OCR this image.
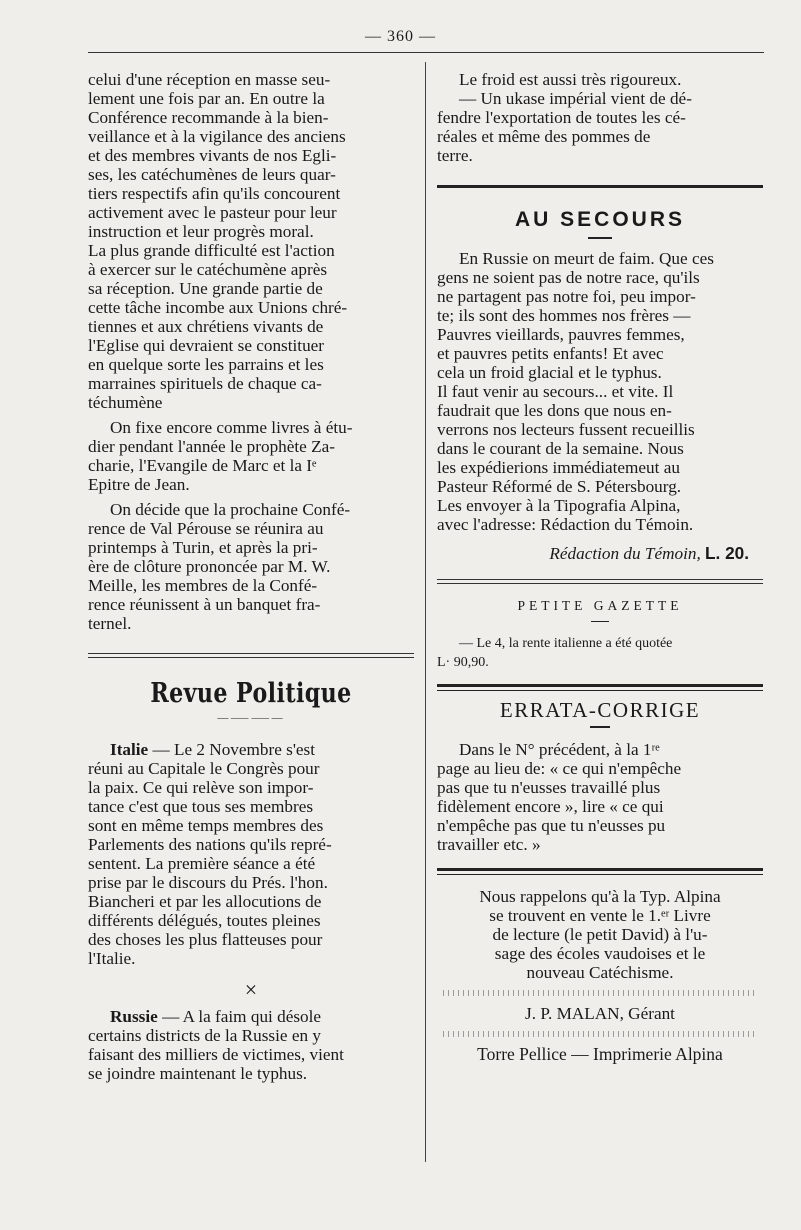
— 360 —
celui d'une réception en masse seu-
lement une fois par an. En outre la
Conférence recommande à la bien-
veillance et à la vigilance des anciens
et des membres vivants de nos Egli-
ses, les catéchumènes de leurs quar-
tiers respectifs afin qu'ils concourent
activement avec le pasteur pour leur
instruction et leur progrès moral.
La plus grande difficulté est l'action
à exercer sur le catéchumène après
sa réception. Une grande partie de
cette tâche incombe aux Unions chré-
tiennes et aux chrétiens vivants de
l'Eglise qui devraient se constituer
en quelque sorte les parrains et les
marraines spirituels de chaque ca-
téchumène
On fixe encore comme livres à étu-
dier pendant l'année le prophète Za-
charie, l'Evangile de Marc et la Iᵉ
Epitre de Jean.
On décide que la prochaine Confé-
rence de Val Pérouse se réunira au
printemps à Turin, et après la pri-
ère de clôture prononcée par M. W.
Meille, les membres de la Confé-
rence réunissent à un banquet fra-
ternel.
Revue Politique
—⸺⸺—
Italie — Le 2 Novembre s'est
réuni au Capitale le Congrès pour
la paix. Ce qui relève son impor-
tance c'est que tous ses membres
sont en même temps membres des
Parlements des nations qu'ils repré-
sentent. La première séance a été
prise par le discours du Prés. l'hon.
Biancheri et par les allocutions de
différents délégués, toutes pleines
des choses les plus flatteuses pour
l'Italie.
×
Russie — A la faim qui désole
certains districts de la Russie en y
faisant des milliers de victimes, vient
se joindre maintenant le typhus.
Le froid est aussi très rigoureux.
— Un ukase impérial vient de dé-
fendre l'exportation de toutes les cé-
réales et même des pommes de
terre.
AU SECOURS
En Russie on meurt de faim. Que ces
gens ne soient pas de notre race, qu'ils
ne partagent pas notre foi, peu impor-
te; ils sont des hommes nos frères —
Pauvres vieillards, pauvres femmes,
et pauvres petits enfants! Et avec
cela un froid glacial et le typhus.
Il faut venir au secours... et vite. Il
faudrait que les dons que nous en-
verrons nos lecteurs fussent recueillis
dans le courant de la semaine. Nous
les expédierions immédiatemeut au
Pasteur Réformé de S. Pétersbourg.
Les envoyer à la Tipografia Alpina,
avec l'adresse: Rédaction du Témoin.
Rédaction du Témoin, L. 20.
PETITE GAZETTE
— Le 4, la rente italienne a été quotée
L· 90,90.
ERRATA-CORRIGE
Dans le N° précédent, à la 1ʳᵉ
page au lieu de: « ce qui n'empêche
pas que tu n'eusses travaillé plus
fidèlement encore », lire « ce qui
n'empêche pas que tu n'eusses pu
travailler etc. »
Nous rappelons qu'à la Typ. Alpina
se trouvent en vente le 1.ᵉʳ Livre
de lecture (le petit David) à l'u-
sage des écoles vaudoises et le
nouveau Catéchisme.
J. P. MALAN, Gérant
Torre Pellice — Imprimerie Alpina
